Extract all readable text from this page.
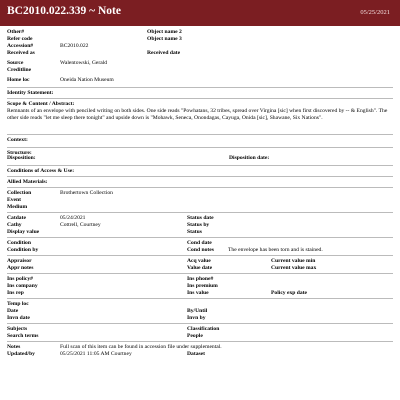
BC2010.022.339 ~ Note	05/25/2021
Other#	Object name 2
Refer code	Object name 3
Accession#	BC2010.022
Received as	Received date
Source	Walentowski, Gerald
Creditline
Home loc	Oneida Nation Museum
Identity Statement:
Scope & Content / Abstract:
Remnants of an envelope with penciled writing on both sides. One side reads "Powhatans, 32 tribes, spread over Virgina [sic] when first discovered by -- & English". The other side reads "let me sleep there tonight" and upside down is "Mohawk, Seneca, Onondagas, Cayuga, Onida [sic], Shawane, Six Nations".
Context:
Structure:
Disposition:	Disposition date:
Conditions of Access & Use:
Allied Materials:
Collection	Brothertown Collection
Event
Medium
Catdate	05/24/2021	Status date
Cathy	Cottrell, Courtney	Status by
Display value	Status
Condition	Cond date
Condition by	Cond notes	The envelope has been torn and is stained.
Appraisor	Acq value	Current value min
Appr notes	Value date	Current value max
Ins policy#	Ins phone#
Ins company	Ins premium
Ins rep	Ins value	Policy exp date
Temp loc
Date	By/Until
Invn date	Invn by
Subjects	Classification
Search terms	People
Notes	Full scan of this item can be found in accession file under supplemental.
Updated/by	05/25/2021 11:05 AM Courtney	Dataset
